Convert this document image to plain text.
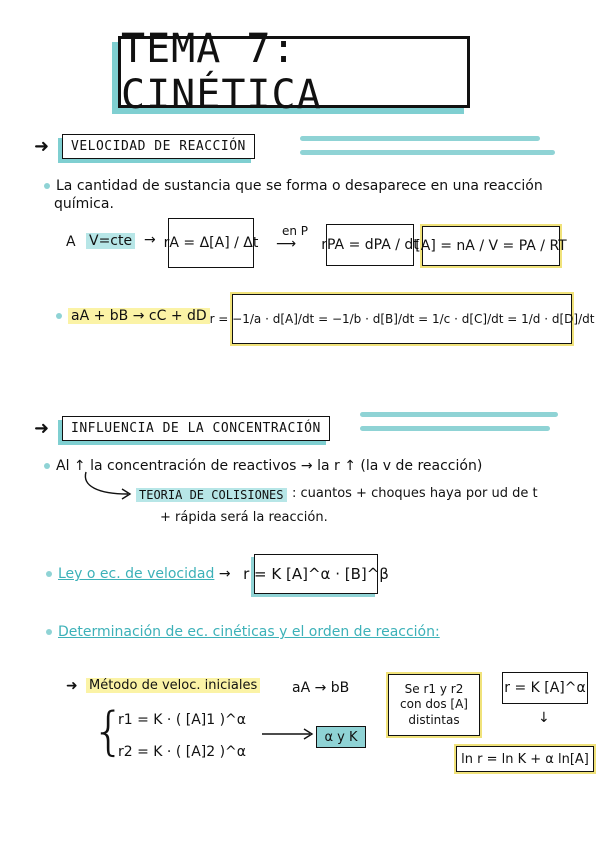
TEMA 7: CINÉTICA
➜	VELOCIDAD DE REACCIÓN
La cantidad de sustancia que se forma o desaparece en una reacción
química.
A V=cte → rA = Δ[A] / Δt
en P
⟶ rPA = dPA / dt
[A] = nA / V = PA / RT
aA + bB → cC + dD r = −1/a · d[A]/dt = −1/b · d[B]/dt = 1/c · d[C]/dt = 1/d · d[D]/dt
➜	INFLUENCIA DE LA CONCENTRACIÓN
Al ↑ la concentración de reactivos → la r ↑ (la v de reacción)
TEORIA DE COLISIONES : cuantos + choques haya por ud de t
+ rápida será la reacción.
Ley o ec. de velocidad → r = K [A]^α · [B]^β
Determinación de ec. cinéticas y el orden de reacción:
➜ Método de veloc. iniciales aA → bB
{
r1 = K · ( [A]1 )^α
r2 = K · ( [A]2 )^α
α y K
Se r1 y r2
con dos [A]
distintas
r = K [A]^α
↓
ln r = ln K + α ln[A]
